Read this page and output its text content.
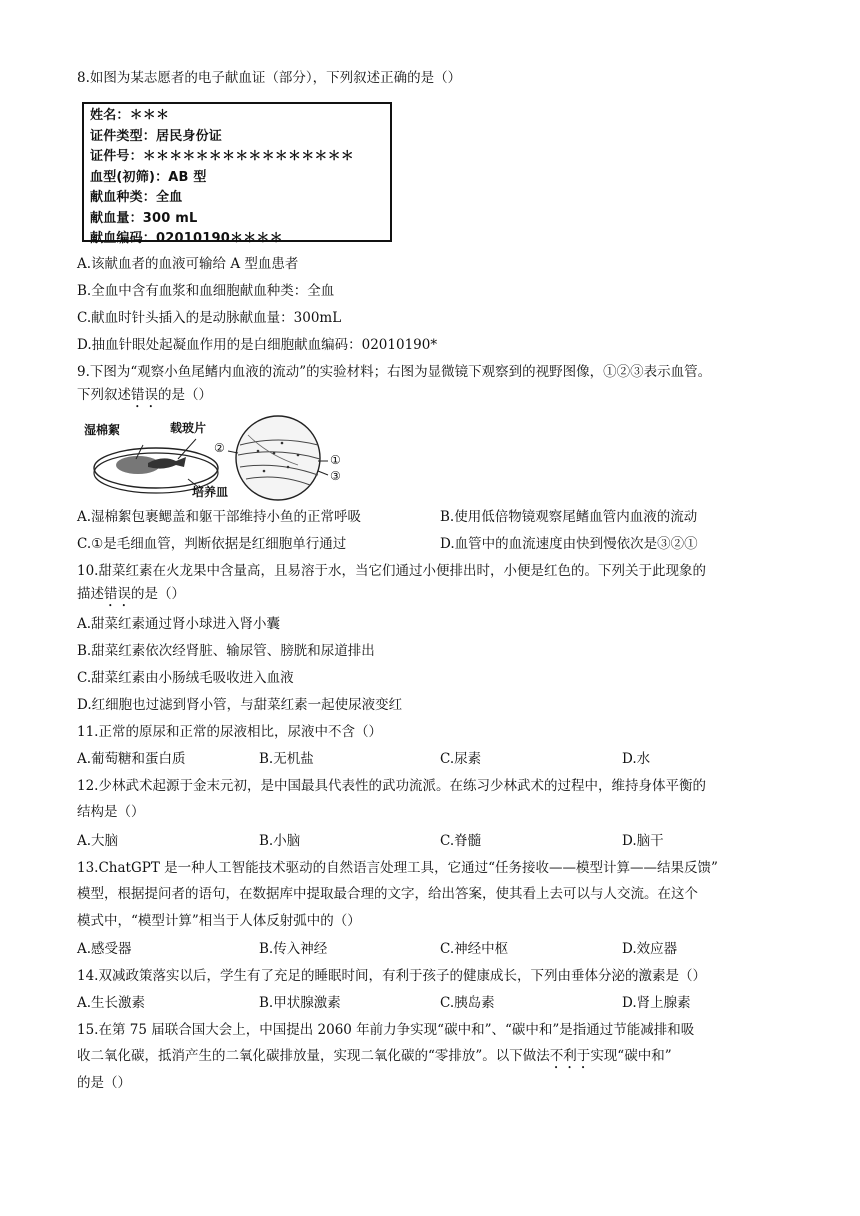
8.如图为某志愿者的电子献血证（部分），下列叙述正确的是（）
姓名：＊＊＊
证件类型：居民身份证
证件号：＊＊＊＊＊＊＊＊＊＊＊＊＊＊＊＊
血型(初筛)：AB 型
献血种类：全血
献血量：300 mL
献血编码：02010190＊＊＊＊
A.该献血者的血液可输给 A 型血患者
B.全血中含有血浆和血细胞献血种类：全血
C.献血时针头插入的是动脉献血量：300mL
D.抽血针眼处起凝血作用的是白细胞献血编码：02010190*
9.下图为“观察小鱼尾鳍内血液的流动”的实验材料；右图为显微镜下观察到的视野图像，①②③表示血管。
下列叙述错误的是（）
湿棉絮	载玻片
培养皿
②
①
③
A.湿棉絮包裹鳃盖和躯干部维持小鱼的正常呼吸	B.使用低倍物镜观察尾鳍血管内血液的流动
C.①是毛细血管，判断依据是红细胞单行通过	D.血管中的血流速度由快到慢依次是③②①
10.甜菜红素在火龙果中含量高，且易溶于水，当它们通过小便排出时，小便是红色的。下列关于此现象的
描述错误的是（）
A.甜菜红素通过肾小球进入肾小囊
B.甜菜红素依次经肾脏、输尿管、膀胱和尿道排出
C.甜菜红素由小肠绒毛吸收进入血液
D.红细胞也过滤到肾小管，与甜菜红素一起使尿液变红
11.正常的原尿和正常的尿液相比，尿液中不含（）
A.葡萄糖和蛋白质	B.无机盐	C.尿素	D.水
12.少林武术起源于金末元初，是中国最具代表性的武功流派。在练习少林武术的过程中，维持身体平衡的
结构是（）
A.大脑	B.小脑	C.脊髓	D.脑干
13.ChatGPT 是一种人工智能技术驱动的自然语言处理工具，它通过“任务接收——模型计算——结果反馈”
模型，根据提问者的语句，在数据库中提取最合理的文字，给出答案，使其看上去可以与人交流。在这个
模式中，“模型计算”相当于人体反射弧中的（）
A.感受器	B.传入神经	C.神经中枢	D.效应器
14.双减政策落实以后，学生有了充足的睡眠时间，有利于孩子的健康成长，下列由垂体分泌的激素是（）
A.生长激素	B.甲状腺激素	C.胰岛素	D.肾上腺素
15.在第 75 届联合国大会上，中国提出 2060 年前力争实现“碳中和”、“碳中和”是指通过节能减排和吸
收二氧化碳，抵消产生的二氧化碳排放量，实现二氧化碳的“零排放”。以下做法不利于实现“碳中和”
的是（）
